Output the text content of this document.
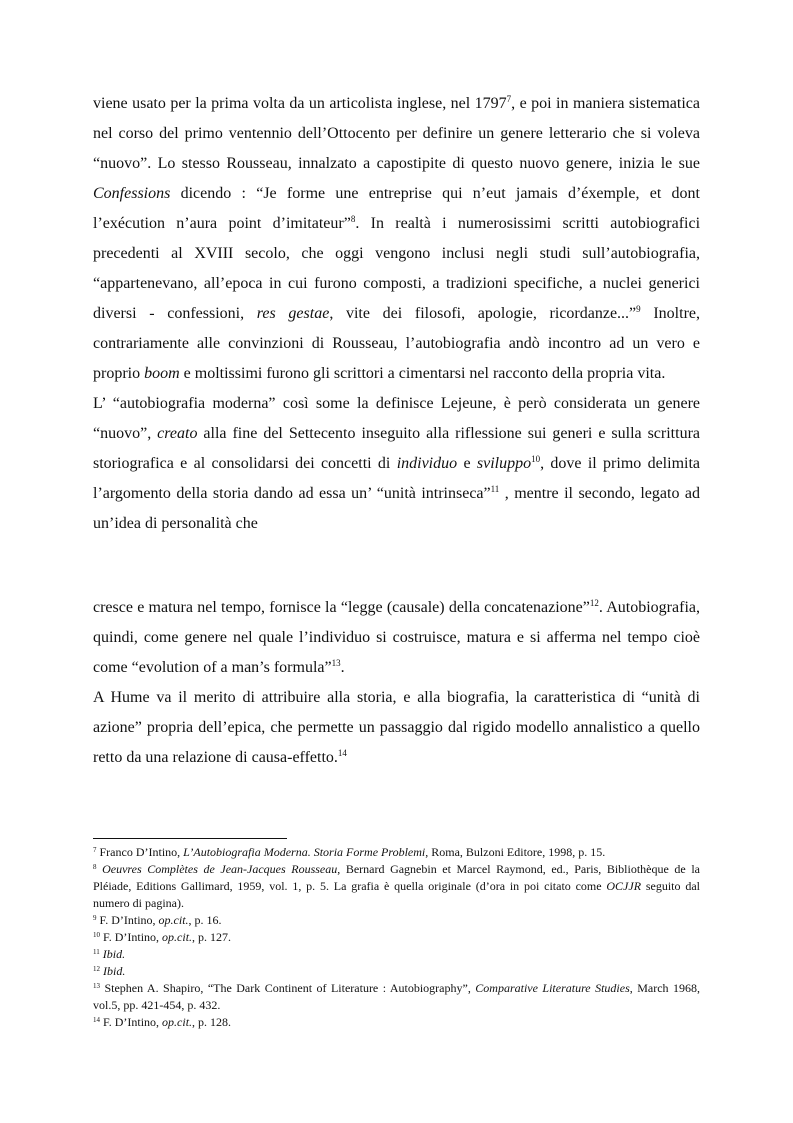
viene usato per la prima volta da un articolista inglese, nel 1797$^7$, e poi in maniera sistematica nel corso del primo ventennio dell’Ottocento per definire un genere letterario che si voleva “nuovo”. Lo stesso Rousseau, innalzato a capostipite di questo nuovo genere, inizia le sue Confessions dicendo : “Je forme une entreprise qui n’eut jamais d’éxemple, et dont l’exécution n’aura point d’imitateur”$^8$. In realtà i numerosissimi scritti autobiografici precedenti al XVIII secolo, che oggi vengono inclusi negli studi sull’autobiografia, “appartenevano, all’epoca in cui furono composti, a tradizioni specifiche, a nuclei generici diversi - confessioni, res gestae, vite dei filosofi, apologie, ricordanze...”$^9$ Inoltre, contrariamente alle convinzioni di Rousseau, l’autobiografia andò incontro ad un vero e proprio boom e moltissimi furono gli scrittori a cimentarsi nel racconto della propria vita.

L’ “autobiografia moderna” così some la definisce Lejeune, è però considerata un genere “nuovo”, creato alla fine del Settecento inseguito alla riflessione sui generi e sulla scrittura storiografica e al consolidarsi dei concetti di individuo e sviluppo$^{10}$, dove il primo delimita l’argomento della storia dando ad essa un’ “unità intrinseca”$^{11}$ , mentre il secondo, legato ad un’idea di personalità che

cresce e matura nel tempo, fornisce la “legge (causale) della concatenazione”$^{12}$. Autobiografia, quindi, come genere nel quale l’individuo si costruisce, matura e si afferma nel tempo cioè come “evolution of a man’s formula”$^{13}$.

A Hume va il merito di attribuire alla storia, e alla biografia, la caratteristica di “unità di azione” propria dell’epica, che permette un passaggio dal rigido modello annalistico a quello retto da una relazione di causa-effetto.$^{14}$

$^7$ Franco D’Intino, L’Autobiografia Moderna. Storia Forme Problemi, Roma, Bulzoni Editore, 1998, p. 15.

$^8$ Oeuvres Complètes de Jean-Jacques Rousseau, Bernard Gagnebin et Marcel Raymond, ed., Paris, Bibliothèque de la Pléiade, Editions Gallimard, 1959, vol. 1, p. 5. La grafia è quella originale (d’ora in poi citato come OCJJR seguito dal numero di pagina).

$^9$ F. D’Intino, op.cit., p. 16.

$^{10}$ F. D’Intino, op.cit., p. 127.

$^{11}$ Ibid.

$^{12}$ Ibid.

$^{13}$ Stephen A. Shapiro, “The Dark Continent of Literature : Autobiography”, Comparative Literature Studies, March 1968, vol.5, pp. 421-454, p. 432.

$^{14}$ F. D’Intino, op.cit., p. 128.
